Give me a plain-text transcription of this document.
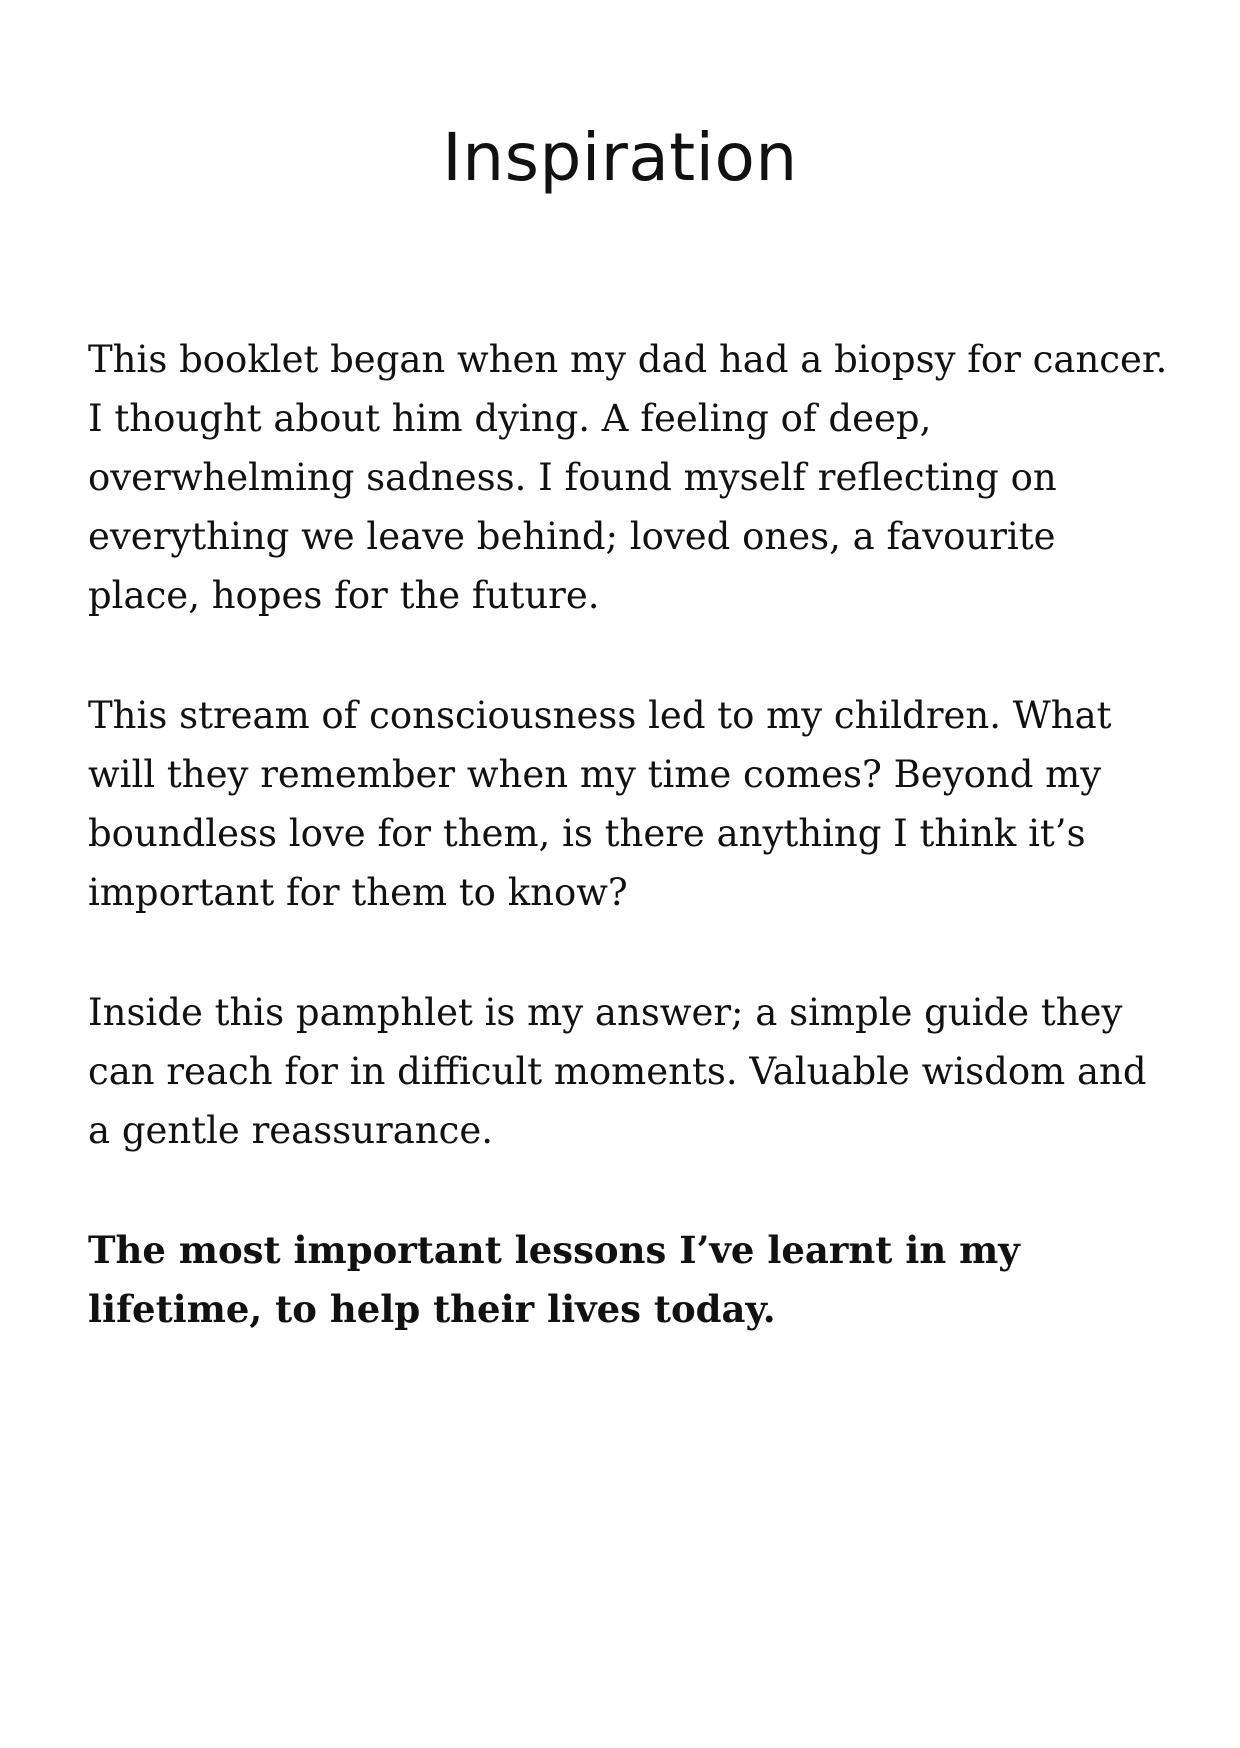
Inspiration

This booklet began when my dad had a biopsy for cancer. I thought about him dying. A feeling of deep, overwhelming sadness. I found myself reflecting on everything we leave behind; loved ones, a favourite place, hopes for the future.

This stream of consciousness led to my children. What will they remember when my time comes? Beyond my boundless love for them, is there anything I think it’s important for them to know?

Inside this pamphlet is my answer; a simple guide they can reach for in difficult moments. Valuable wisdom and a gentle reassurance.

The most important lessons I’ve learnt in my lifetime, to help their lives today.
